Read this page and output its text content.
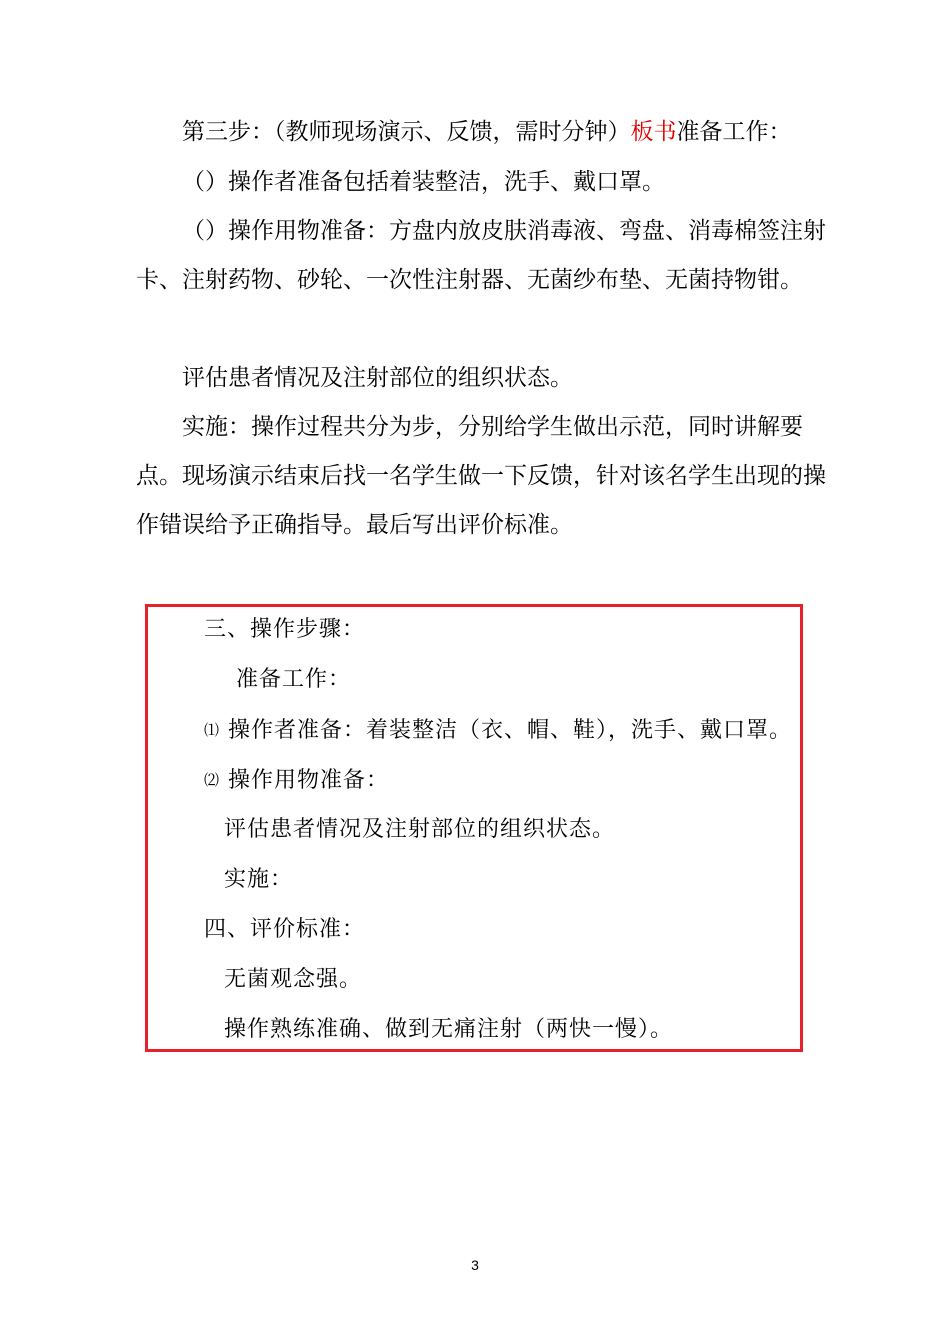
第三步：（教师现场演示、反馈，需时分钟）板书准备工作：

（）操作者准备包括着装整洁，洗手、戴口罩。

（）操作用物准备：方盘内放皮肤消毒液、弯盘、消毒棉签注射卡、注射药物、砂轮、一次性注射器、无菌纱布垫、无菌持物钳。

评估患者情况及注射部位的组织状态。

实施：操作过程共分为步，分别给学生做出示范，同时讲解要点。现场演示结束后找一名学生做一下反馈，针对该名学生出现的操作错误给予正确指导。最后写出评价标准。

三、操作步骤：
准备工作：
⑴ 操作者准备：着装整洁（衣、帽、鞋），洗手、戴口罩。
⑵ 操作用物准备：
评估患者情况及注射部位的组织状态。
实施：
四、评价标准：
无菌观念强。
操作熟练准确、做到无痛注射（两快一慢）。
3
